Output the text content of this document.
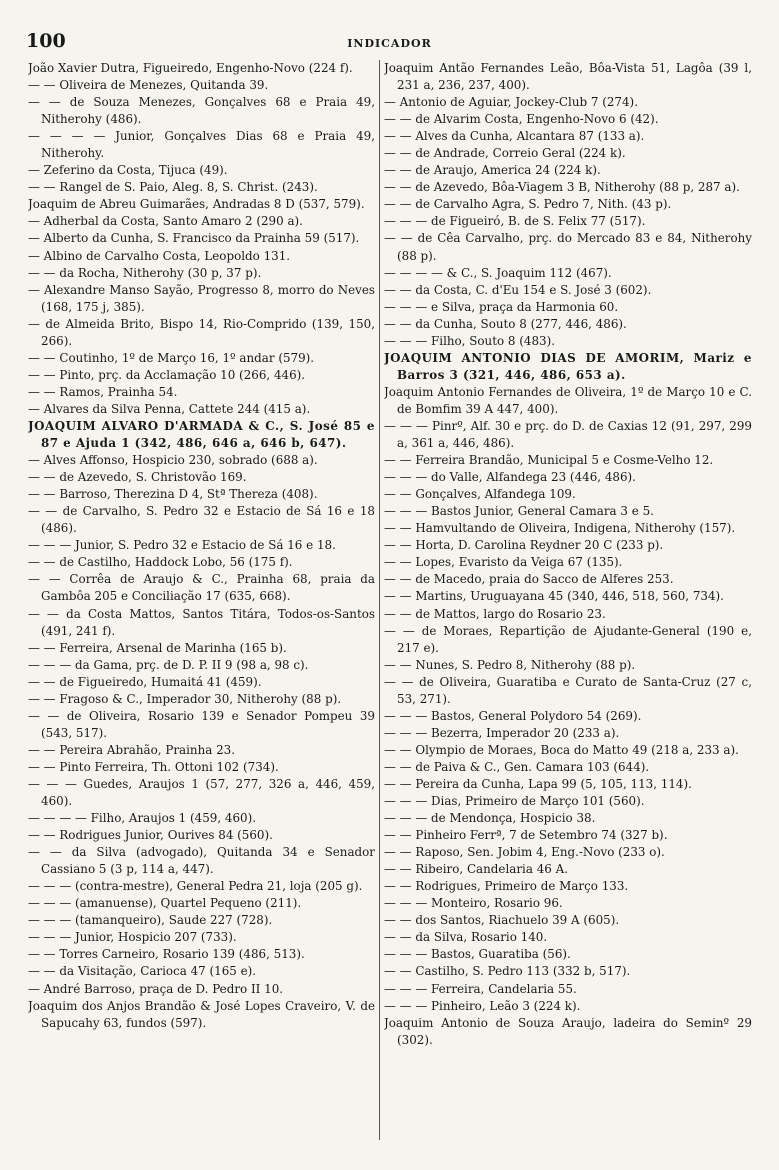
100	INDICADOR

João Xavier Dutra, Figueiredo, Engenho-Novo (224 f).

— — Oliveira de Menezes, Quitanda 39.

— — de Souza Menezes, Gonçalves 68 e Praia 49, Nitherohy (486).

— — — — Junior, Gonçalves Dias 68 e Praia 49, Nitherohy.

— Zeferino da Costa, Tijuca (49).

— — Rangel de S. Paio, Aleg. 8, S. Christ. (243).

Joaquim de Abreu Guimarães, Andradas 8 D (537, 579).

— Adherbal da Costa, Santo Amaro 2 (290 a).

— Alberto da Cunha, S. Francisco da Prainha 59 (517).

— Albino de Carvalho Costa, Leopoldo 131.

— — da Rocha, Nitherohy (30 p, 37 p).

— Alexandre Manso Sayão, Progresso 8, morro do Neves (168, 175 j, 385).

— de Almeida Brito, Bispo 14, Rio-Comprido (139, 150, 266).

— — Coutinho, 1º de Março 16, 1º andar (579).

— — Pinto, prç. da Acclamação 10 (266, 446).

— — Ramos, Prainha 54.

— Alvares da Silva Penna, Cattete 244 (415 a).

JOAQUIM ALVARO D'ARMADA & C., S. José 85 e 87 e Ajuda 1 (342, 486, 646 a, 646 b, 647).

— Alves Affonso, Hospicio 230, sobrado (688 a).

— — de Azevedo, S. Christovão 169.

— — Barroso, Therezina D 4, Stª Thereza (408).

— — de Carvalho, S. Pedro 32 e Estacio de Sá 16 e 18 (486).

— — — Junior, S. Pedro 32 e Estacio de Sá 16 e 18.

— — de Castilho, Haddock Lobo, 56 (175 f).

— — Corrêa de Araujo & C., Prainha 68, praia da Gambôa 205 e Conciliação 17 (635, 668).

— — da Costa Mattos, Santos Titára, Todos-os-Santos (491, 241 f).

— — Ferreira, Arsenal de Marinha (165 b).

— — — da Gama, prç. de D. P. II 9 (98 a, 98 c).

— — de Figueiredo, Humaitá 41 (459).

— — Fragoso & C., Imperador 30, Nitherohy (88 p).

— — de Oliveira, Rosario 139 e Senador Pompeu 39 (543, 517).

— — Pereira Abrahão, Prainha 23.

— — Pinto Ferreira, Th. Ottoni 102 (734).

— — — Guedes, Araujos 1 (57, 277, 326 a, 446, 459, 460).

— — — — Filho, Araujos 1 (459, 460).

— — Rodrigues Junior, Ourives 84 (560).

— — da Silva (advogado), Quitanda 34 e Senador Cassiano 5 (3 p, 114 a, 447).

— — — (contra-mestre), General Pedra 21, loja (205 g).

— — — (amanuense), Quartel Pequeno (211).

— — — (tamanqueiro), Saude 227 (728).

— — — Junior, Hospicio 207 (733).

— — Torres Carneiro, Rosario 139 (486, 513).

— — da Visitação, Carioca 47 (165 e).

— André Barroso, praça de D. Pedro II 10.

Joaquim dos Anjos Brandão & José Lopes Craveiro, V. de Sapucahy 63, fundos (597).

Joaquim Antão Fernandes Leão, Bôa-Vista 51, Lagôa (39 l, 231 a, 236, 237, 400).

— Antonio de Aguiar, Jockey-Club 7 (274).

— — de Alvarim Costa, Engenho-Novo 6 (42).

— — Alves da Cunha, Alcantara 87 (133 a).

— — de Andrade, Correio Geral (224 k).

— — de Araujo, America 24 (224 k).

— — de Azevedo, Bôa-Viagem 3 B, Nitherohy (88 p, 287 a).

— — de Carvalho Agra, S. Pedro 7, Nith. (43 p).

— — — de Figueiró, B. de S. Felix 77 (517).

— — de Cêa Carvalho, prç. do Mercado 83 e 84, Nitherohy (88 p).

— — — — & C., S. Joaquim 112 (467).

— — da Costa, C. d'Eu 154 e S. José 3 (602).

— — — e Silva, praça da Harmonia 60.

— — da Cunha, Souto 8 (277, 446, 486).

— — — Filho, Souto 8 (483).

JOAQUIM ANTONIO DIAS DE AMORIM, Mariz e Barros 3 (321, 446, 486, 653 a).

Joaquim Antonio Fernandes de Oliveira, 1º de Março 10 e C. de Bomfim 39 A 447, 400).

— — — Pinrº, Alf. 30 e prç. do D. de Caxias 12 (91, 297, 299 a, 361 a, 446, 486).

— — Ferreira Brandão, Municipal 5 e Cosme-Velho 12.

— — — do Valle, Alfandega 23 (446, 486).

— — Gonçalves, Alfandega 109.

— — — Bastos Junior, General Camara 3 e 5.

— — Hamvultando de Oliveira, Indigena, Nitherohy (157).

— — Horta, D. Carolina Reydner 20 C (233 p).

— — Lopes, Evaristo da Veiga 67 (135).

— — de Macedo, praia do Sacco de Alferes 253.

— — Martins, Uruguayana 45 (340, 446, 518, 560, 734).

— — de Mattos, largo do Rosario 23.

— — de Moraes, Repartição de Ajudante-General (190 e, 217 e).

— — Nunes, S. Pedro 8, Nitherohy (88 p).

— — de Oliveira, Guaratiba e Curato de Santa-Cruz (27 c, 53, 271).

— — — Bastos, General Polydoro 54 (269).

— — — Bezerra, Imperador 20 (233 a).

— — Olympio de Moraes, Boca do Matto 49 (218 a, 233 a).

— — de Paiva & C., Gen. Camara 103 (644).

— — Pereira da Cunha, Lapa 99 (5, 105, 113, 114).

— — — Dias, Primeiro de Março 101 (560).

— — — de Mendonça, Hospicio 38.

— — Pinheiro Ferrª, 7 de Setembro 74 (327 b).

— — Raposo, Sen. Jobim 4, Eng.-Novo (233 o).

— — Ribeiro, Candelaria 46 A.

— — Rodrigues, Primeiro de Março 133.

— — — Monteiro, Rosario 96.

— — dos Santos, Riachuelo 39 A (605).

— — da Silva, Rosario 140.

— — — Bastos, Guaratiba (56).

— — Castilho, S. Pedro 113 (332 b, 517).

— — — Ferreira, Candelaria 55.

— — — Pinheiro, Leão 3 (224 k).

Joaquim Antonio de Souza Araujo, ladeira do Seminº 29 (302).
